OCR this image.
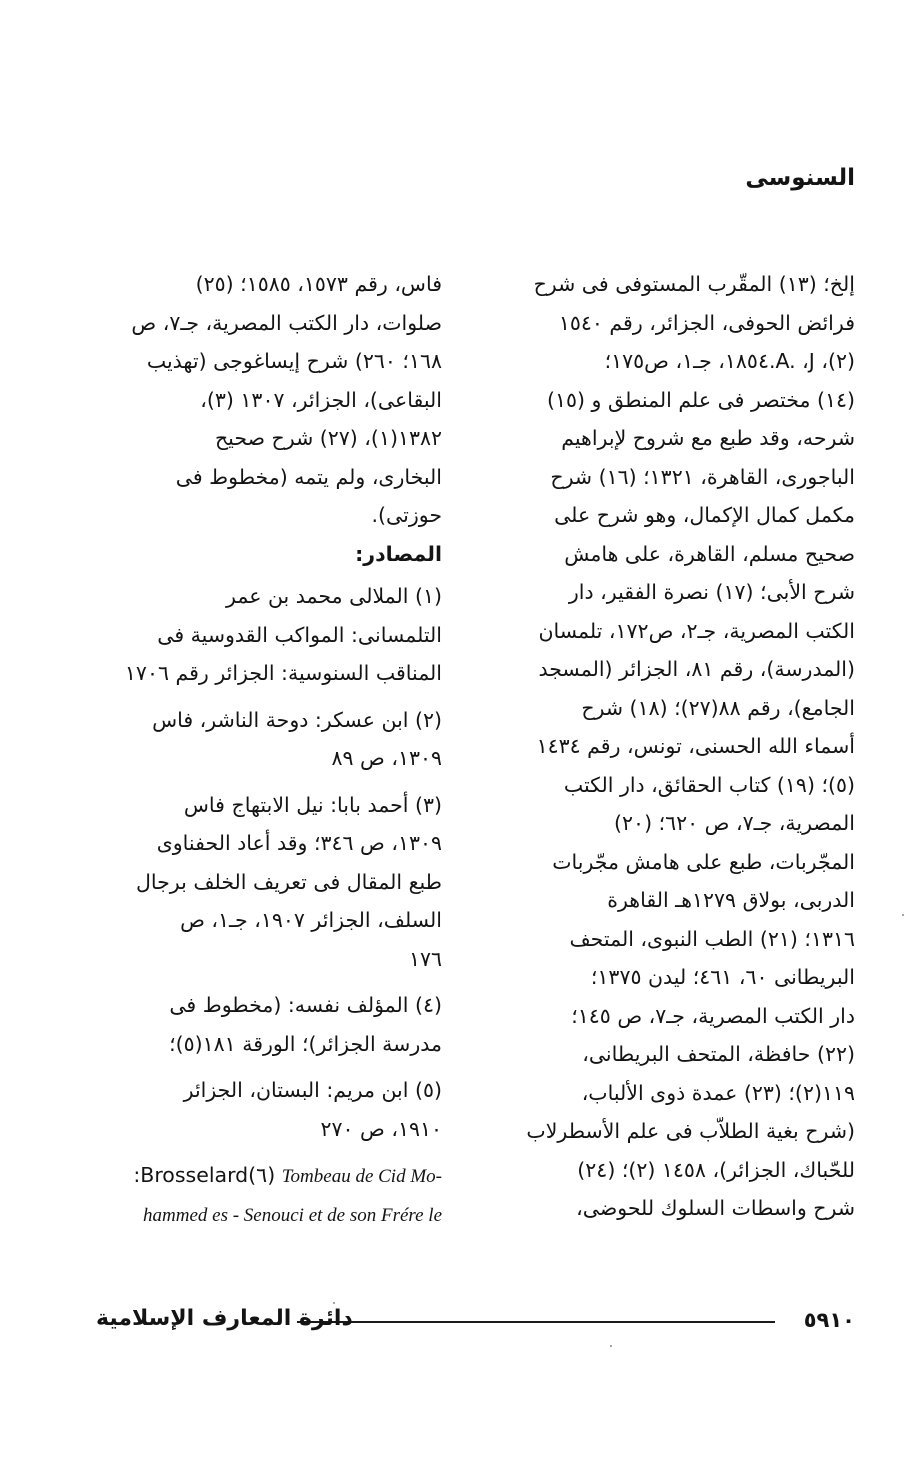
السنوسى
إلخ؛ (١٣) المقّرب المستوفى فى شرح
فرائض الحوفى، الجزائر، رقم ١٥٤٠
(٢)، A. ،J.١٨٥٤، جـ١، ص١٧٥؛
(١٤) مختصر فى علم المنطق و (١٥)
شرحه، وقد طبع مع شروح لإبراهيم
الباجورى، القاهرة، ١٣٢١؛ (١٦) شرح
مكمل كمال الإكمال، وهو شرح على
صحيح مسلم، القاهرة، على هامش
شرح الأبى؛ (١٧) نصرة الفقير، دار
الكتب المصرية، جـ٢، ص١٧٢، تلمسان
(المدرسة)، رقم ٨١، الجزائر (المسجد
الجامع)، رقم ٨٨(٢٧)؛ (١٨) شرح
أسماء الله الحسنى، تونس، رقم ١٤٣٤
(٥)؛ (١٩) كتاب الحقائق، دار الكتب
المصرية، جـ٧، ص ٦٢٠؛ (٢٠)
المجّربات، طبع على هامش مجّربات
الدربى، بولاق ١٢٧٩هـ القاهرة
١٣١٦؛ (٢١) الطب النبوى، المتحف
البريطانى ٦٠، ٤٦١؛ ليدن ١٣٧٥؛
دار الكتب المصرية، جـ٧، ص ١٤٥؛
(٢٢) حافظة، المتحف البريطانى،
١١٩(٢)؛ (٢٣) عمدة ذوى الألباب،
(شرح بغية الطلاّب فى علم الأسطرلاب
للحّباك، الجزائر)، ١٤٥٨ (٢)؛ (٢٤)
شرح واسطات السلوك للحوضى،
فاس، رقم ١٥٧٣، ١٥٨٥؛ (٢٥)
صلوات، دار الكتب المصرية، جـ٧، ص
١٦٨؛ ٢٦٠) شرح إيساغوجى (تهذيب
البقاعى)، الجزائر، ١٣٠٧ (٣)،
١٣٨٢(١)، (٢٧) شرح صحيح
البخارى، ولم يتمه (مخطوط فى
حوزتى).
المصادر:
(١) الملالى محمد بن عمر
التلمسانى: المواكب القدوسية فى
المناقب السنوسية: الجزائر رقم ١٧٠٦
(٢) ابن عسكر: دوحة الناشر، فاس
١٣٠٩، ص ٨٩
(٣) أحمد بابا: نيل الابتهاج فاس
١٣٠٩، ص ٣٤٦؛ وقد أعاد الحفناوى
طبع المقال فى تعريف الخلف برجال
السلف، الجزائر ١٩٠٧، جـ١، ص
١٧٦
(٤) المؤلف نفسه: (مخطوط فى
مدرسة الجزائر)؛ الورقة ١٨١(٥)؛
(٥) ابن مريم: البستان، الجزائر
١٩١٠، ص ٢٧٠
Tombeau de Cid Mo- (٦)Brosselard:
hammed es - Senouci et de son Frére le
٥٩١٠
دائرة المعارف الإسلامية
